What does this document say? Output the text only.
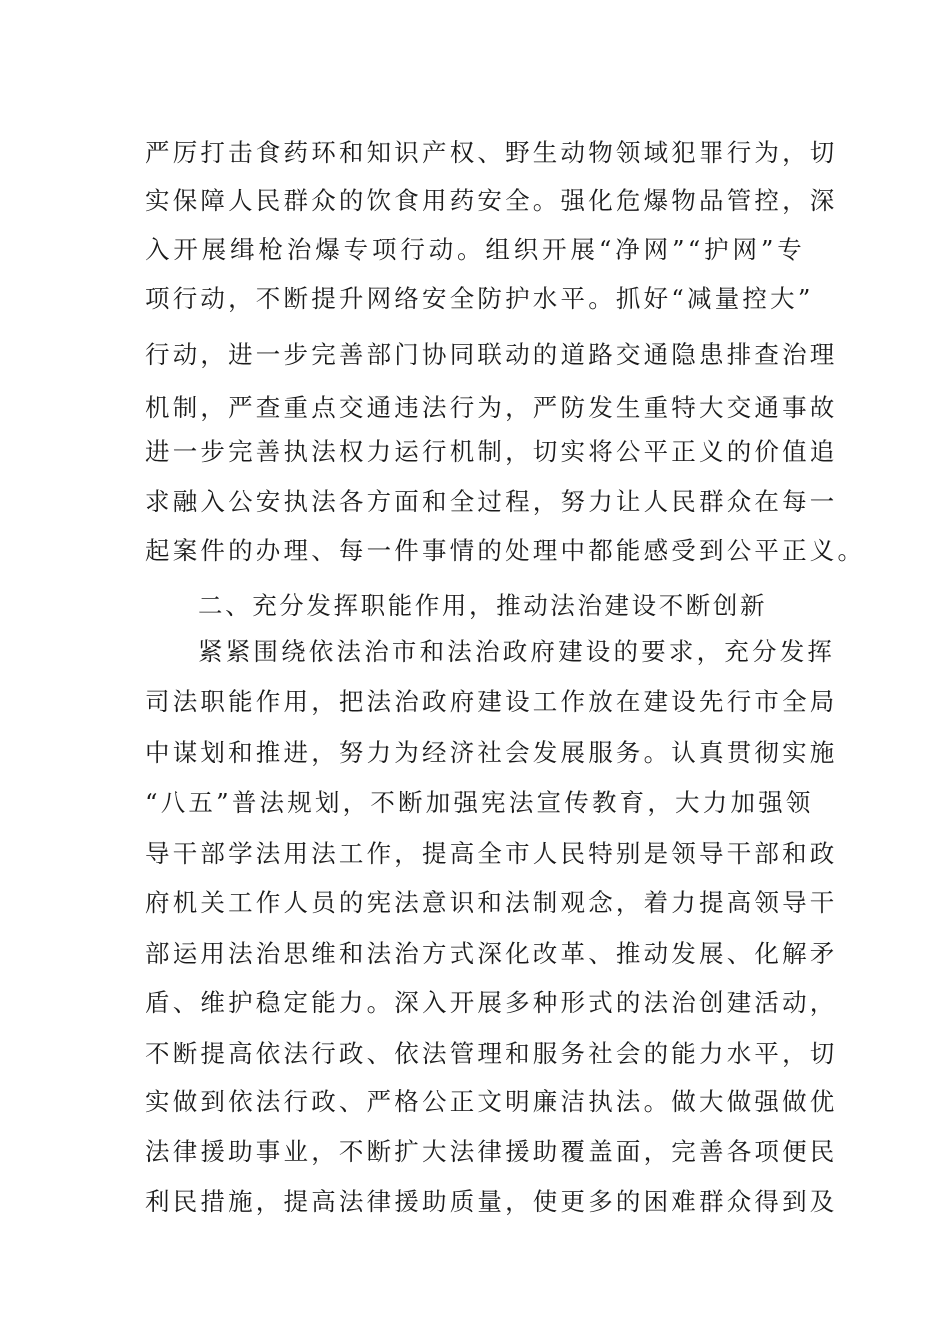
严厉打击食药环和知识产权、野生动物领域犯罪行为，切
实保障人民群众的饮食用药安全。强化危爆物品管控，深
入开展缉枪治爆专项行动。组织开展“净网”“护网”专
项行动，不断提升网络安全防护水平。抓好“减量控大”
行动，进一步完善部门协同联动的道路交通隐患排查治理
机制，严查重点交通违法行为，严防发生重特大交通事故
进一步完善执法权力运行机制，切实将公平正义的价值追
求融入公安执法各方面和全过程，努力让人民群众在每一
起案件的办理、每一件事情的处理中都能感受到公平正义。
二、充分发挥职能作用，推动法治建设不断创新
紧紧围绕依法治市和法治政府建设的要求，充分发挥
司法职能作用，把法治政府建设工作放在建设先行市全局
中谋划和推进，努力为经济社会发展服务。认真贯彻实施
“八五”普法规划，不断加强宪法宣传教育，大力加强领
导干部学法用法工作，提高全市人民特别是领导干部和政
府机关工作人员的宪法意识和法制观念，着力提高领导干
部运用法治思维和法治方式深化改革、推动发展、化解矛
盾、维护稳定能力。深入开展多种形式的法治创建活动，
不断提高依法行政、依法管理和服务社会的能力水平，切
实做到依法行政、严格公正文明廉洁执法。做大做强做优
法律援助事业，不断扩大法律援助覆盖面，完善各项便民
利民措施，提高法律援助质量，使更多的困难群众得到及
